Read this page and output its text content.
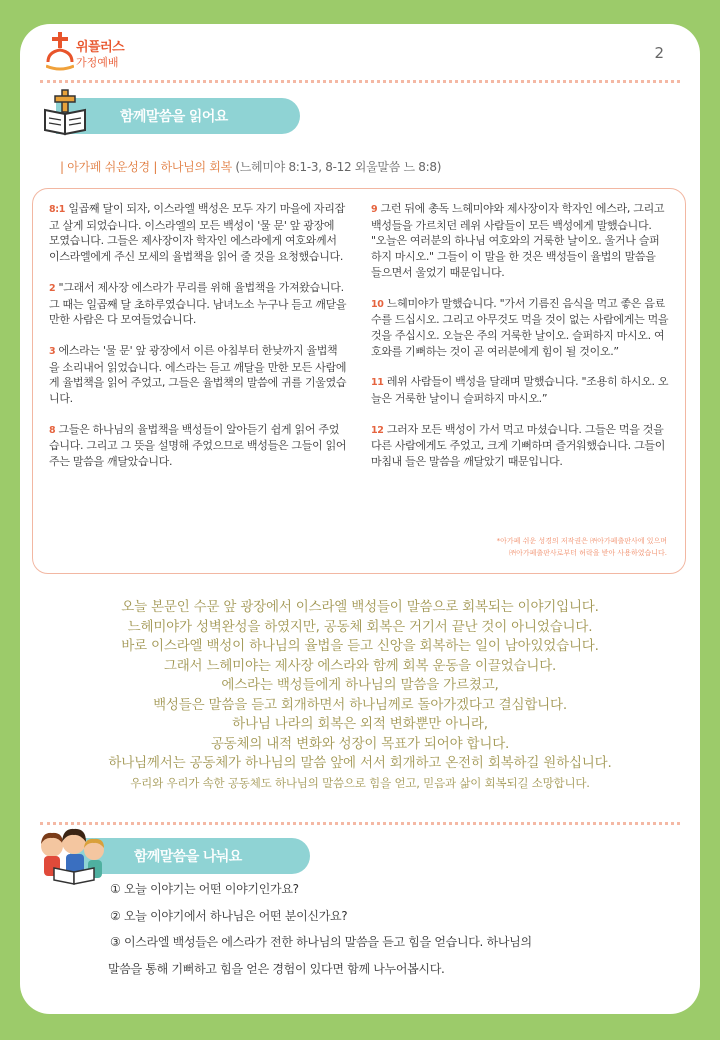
위플러스
가정예배
2
함께 말씀을 읽어요
| 아가페 쉬운성경 | 하나님의 회복 (느헤미야 8:1-3, 8-12 외울말씀 느 8:8)

8:1 일곱째 달이 되자, 이스라엘 백성은 모두 자기 마을에 자리잡고 살게 되었습니다. 이스라엘의 모든 백성이 '물 문' 앞 광장에 모였습니다. 그들은 제사장이자 학자인 에스라에게 여호와께서 이스라엘에게 주신 모세의 율법책을 읽어 줄 것을 요청했습니다.

2 "그래서 제사장 에스라가 무리를 위해 율법책을 가져왔습니다. 그 때는 일곱째 달 초하루였습니다. 남녀노소 누구나 듣고 깨닫을 만한 사람은 다 모여들었습니다.

3 에스라는 '물 문' 앞 광장에서 이른 아침부터 한낮까지 율법책을 소리내어 읽었습니다. 에스라는 듣고 깨달을 만한 모든 사람에게 율법책을 읽어 주었고, 그들은 율법책의 말씀에 귀를 기울였습니다.

8 그들은 하나님의 율법책을 백성들이 알아듣기 쉽게 읽어 주었습니다. 그리고 그 뜻을 설명해 주었으므로 백성들은 그들이 읽어 주는 말씀을 깨달았습니다.

9 그런 뒤에 총독 느헤미야와 제사장이자 학자인 에스라, 그리고 백성들을 가르치던 레위 사람들이 모든 백성에게 말했습니다. "오늘은 여러분의 하나님 여호와의 거룩한 날이오. 울거나 슬퍼하지 마시오." 그들이 이 말을 한 것은 백성들이 율법의 말씀을 들으면서 울었기 때문입니다.

10 느헤미야가 말했습니다. "가서 기름진 음식을 먹고 좋은 음료수를 드십시오. 그리고 아무것도 먹을 것이 없는 사람에게는 먹을 것을 주십시오. 오늘은 주의 거룩한 날이오. 슬퍼하지 마시오. 여호와를 기뻐하는 것이 곧 여러분에게 힘이 될 것이오.”

11 레위 사람들이 백성을 달래며 말했습니다. "조용히 하시오. 오늘은 거룩한 날이니 슬퍼하지 마시오.”

12 그러자 모든 백성이 가서 먹고 마셨습니다. 그들은 먹을 것을 다른 사람에게도 주었고, 크게 기뻐하며 즐거워했습니다. 그들이 마침내 들은 말씀을 깨달았기 때문입니다.

*아가페 쉬운 성경의 저작권은 ㈜아가페출판사에 있으며
㈜아가페출판사로부터 허락을 받아 사용하였습니다.
오늘 본문인 수문 앞 광장에서 이스라엘 백성들이 말씀으로 회복되는 이야기입니다.
느헤미야가 성벽완성을 하였지만, 공동체 회복은 거기서 끝난 것이 아니었습니다.
바로 이스라엘 백성이 하나님의 율법을 듣고 신앙을 회복하는 일이 남아있었습니다.
그래서 느헤미야는 제사장 에스라와 함께 회복 운동을 이끌었습니다.
에스라는 백성들에게 하나님의 말씀을 가르쳤고,
백성들은 말씀을 듣고 회개하면서 하나님께로 돌아가겠다고 결심합니다.
하나님 나라의 회복은 외적 변화뿐만 아니라,
공동체의 내적 변화와 성장이 목표가 되어야 합니다.
하나님께서는 공동체가 하나님의 말씀 앞에 서서 회개하고 온전히 회복하길 원하십니다.
우리와 우리가 속한 공동체도 하나님의 말씀으로 힘을 얻고, 믿음과 삶이 회복되길 소망합니다.
함께 말씀을 나눠요
① 오늘 이야기는 어떤 이야기인가요?
② 오늘 이야기에서 하나님은 어떤 분이신가요?
③ 이스라엘 백성들은 에스라가 전한 하나님의 말씀을 듣고 힘을 얻습니다. 하나님의
말씀을 통해 기뻐하고 힘을 얻은 경험이 있다면 함께 나누어봅시다.
